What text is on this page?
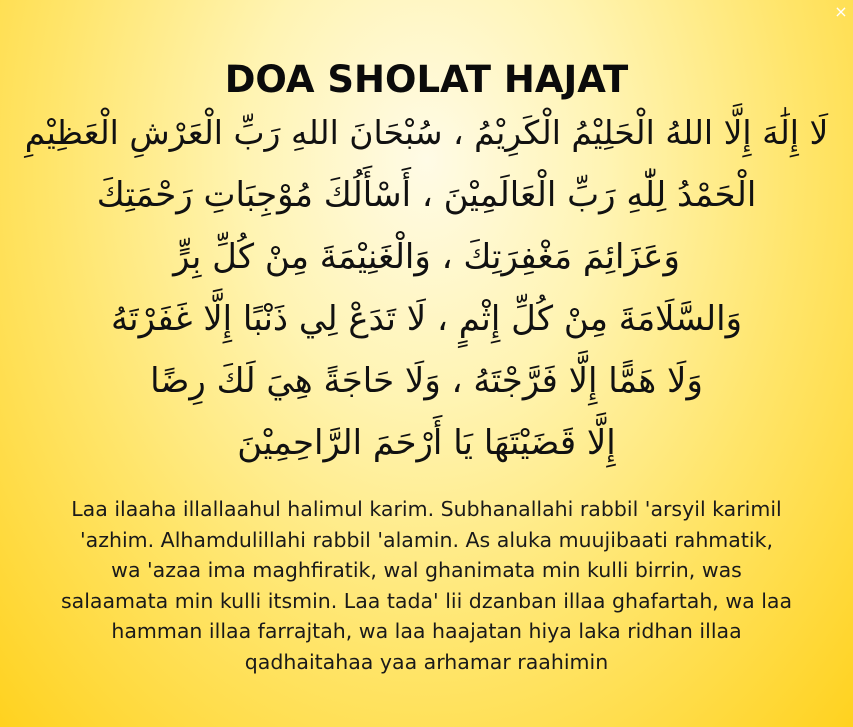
×
DOA SHOLAT HAJAT
لَا إِلَٰهَ إِلَّا اللهُ الْحَلِيْمُ الْكَرِيْمُ ، سُبْحَانَ اللهِ رَبِّ الْعَرْشِ الْعَظِيْمِ
الْحَمْدُ لِلّٰهِ رَبِّ الْعَالَمِيْنَ ، أَسْأَلُكَ مُوْجِبَاتِ رَحْمَتِكَ
وَعَزَائِمَ مَغْفِرَتِكَ ، وَالْغَنِيْمَةَ مِنْ كُلِّ بِرٍّ
وَالسَّلَامَةَ مِنْ كُلِّ إِثْمٍ ، لَا تَدَعْ لِي ذَنْبًا إِلَّا غَفَرْتَهُ
وَلَا هَمًّا إِلَّا فَرَّجْتَهُ ، وَلَا حَاجَةً هِيَ لَكَ رِضًا
إِلَّا قَضَيْتَهَا يَا أَرْحَمَ الرَّاحِمِيْنَ
Laa ilaaha illallaahul halimul karim. Subhanallahi rabbil 'arsyil karimil
'azhim. Alhamdulillahi rabbil 'alamin. As aluka muujibaati rahmatik,
wa 'azaa ima maghfiratik, wal ghanimata min kulli birrin, was
salaamata min kulli itsmin. Laa tada' lii dzanban illaa ghafartah, wa laa
hamman illaa farrajtah, wa laa haajatan hiya laka ridhan illaa
qadhaitahaa yaa arhamar raahimin
